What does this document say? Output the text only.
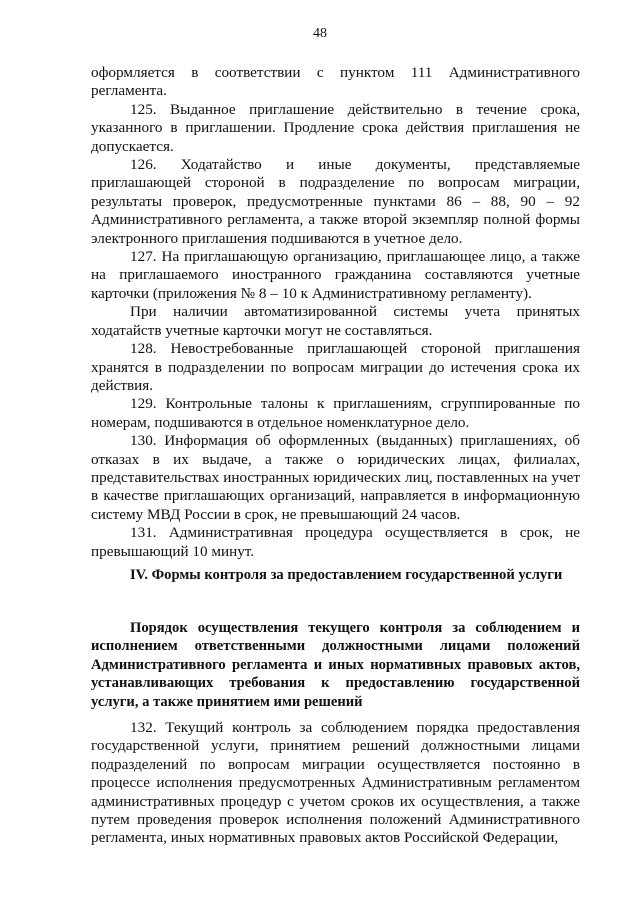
48

оформляется в соответствии с пунктом 111 Административного регламента.

125. Выданное приглашение действительно в течение срока, указанного в приглашении. Продление срока действия приглашения не допускается.

126. Ходатайство и иные документы, представляемые приглашающей стороной в подразделение по вопросам миграции, результаты проверок, предусмотренные пунктами 86 – 88, 90 – 92 Административного регламента, а также второй экземпляр полной формы электронного приглашения подшиваются в учетное дело.

127. На приглашающую организацию, приглашающее лицо, а также на приглашаемого иностранного гражданина составляются учетные карточки (приложения № 8 – 10 к Административному регламенту).

При наличии автоматизированной системы учета принятых ходатайств учетные карточки могут не составляться.

128. Невостребованные приглашающей стороной приглашения хранятся в подразделении по вопросам миграции до истечения срока их действия.

129. Контрольные талоны к приглашениям, сгруппированные по номерам, подшиваются в отдельное номенклатурное дело.

130. Информация об оформленных (выданных) приглашениях, об отказах в их выдаче, а также о юридических лицах, филиалах, представительствах иностранных юридических лиц, поставленных на учет в качестве приглашающих организаций, направляется в информационную систему МВД России в срок, не превышающий 24 часов.

131. Административная процедура осуществляется в срок, не превышающий 10 минут.

IV. Формы контроля за предоставлением государственной услуги

Порядок осуществления текущего контроля за соблюдением и исполнением ответственными должностными лицами положений Административного регламента и иных нормативных правовых актов, устанавливающих требования к предоставлению государственной услуги, а также принятием ими решений

132. Текущий контроль за соблюдением порядка предоставления государственной услуги, принятием решений должностными лицами подразделений по вопросам миграции осуществляется постоянно в процессе исполнения предусмотренных Административным регламентом административных процедур с учетом сроков их осуществления, а также путем проведения проверок исполнения положений Административного регламента, иных нормативных правовых актов Российской Федерации,
